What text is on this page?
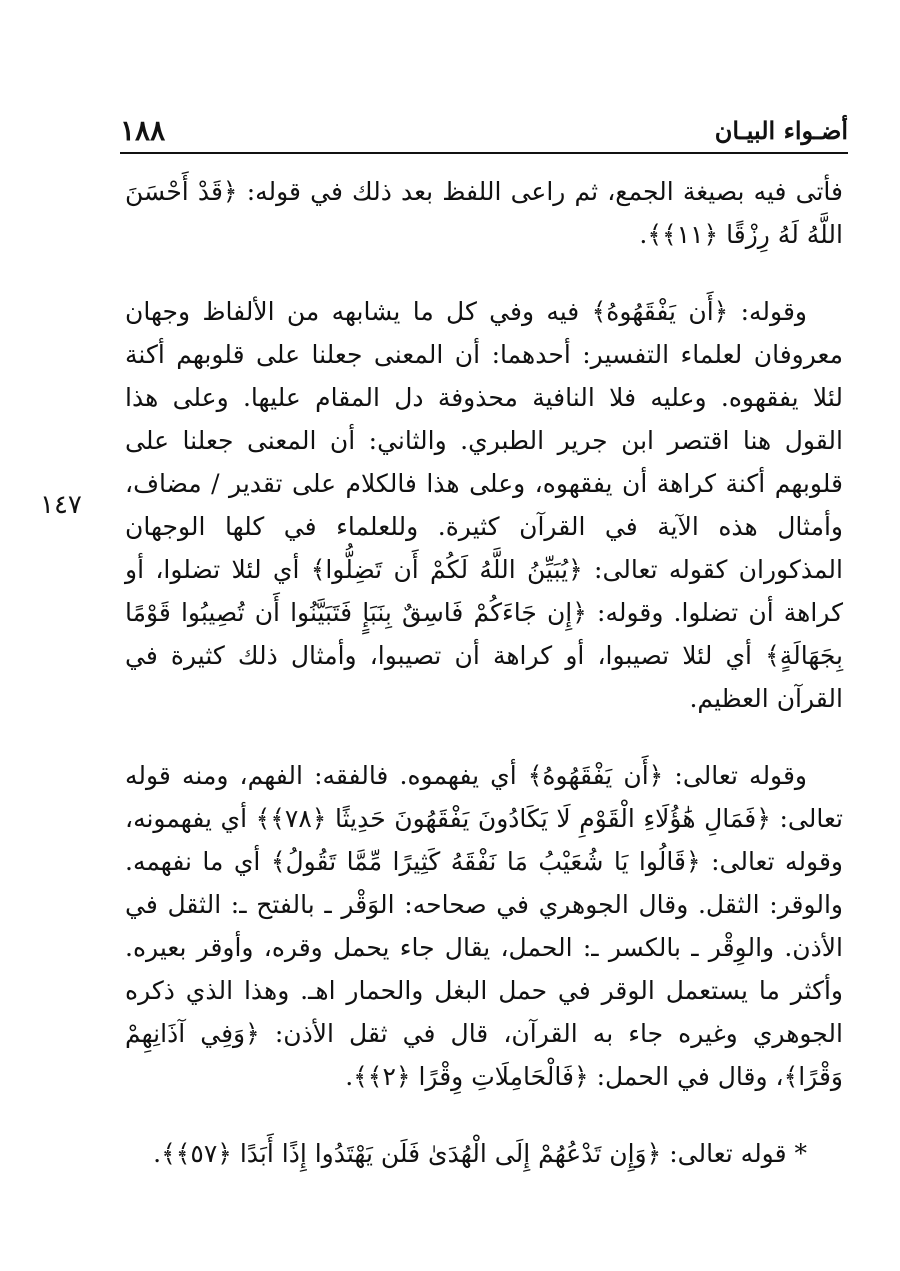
١٨٨	أضـواء البيـان
١٤٧

فأتى فيه بصيغة الجمع، ثم راعى اللفظ بعد ذلك في قوله: ﴿قَدْ أَحْسَنَ اللَّهُ لَهُ رِزْقًا ﴿١١﴾﴾.

وقوله: ﴿أَن يَفْقَهُوهُ﴾ فيه وفي كل ما يشابهه من الألفاظ وجهان معروفان لعلماء التفسير: أحدهما: أن المعنى جعلنا على قلوبهم أكنة لئلا يفقهوه. وعليه فلا النافية محذوفة دل المقام عليها. وعلى هذا القول هنا اقتصر ابن جرير الطبري. والثاني: أن المعنى جعلنا على قلوبهم أكنة كراهة أن يفقهوه، وعلى هذا فالكلام على تقدير / مضاف، وأمثال هذه الآية في القرآن كثيرة. وللعلماء في كلها الوجهان المذكوران كقوله تعالى: ﴿يُبَيِّنُ اللَّهُ لَكُمْ أَن تَضِلُّوا﴾ أي لئلا تضلوا، أو كراهة أن تضلوا. وقوله: ﴿إِن جَاءَكُمْ فَاسِقٌ بِنَبَإٍ فَتَبَيَّنُوا أَن تُصِيبُوا قَوْمًا بِجَهَالَةٍ﴾ أي لئلا تصيبوا، أو كراهة أن تصيبوا، وأمثال ذلك كثيرة في القرآن العظيم.

وقوله تعالى: ﴿أَن يَفْقَهُوهُ﴾ أي يفهموه. فالفقه: الفهم، ومنه قوله تعالى: ﴿فَمَالِ هَٰؤُلَاءِ الْقَوْمِ لَا يَكَادُونَ يَفْقَهُونَ حَدِيثًا ﴿٧٨﴾﴾ أي يفهمونه، وقوله تعالى: ﴿قَالُوا يَا شُعَيْبُ مَا نَفْقَهُ كَثِيرًا مِّمَّا تَقُولُ﴾ أي ما نفهمه. والوقر: الثقل. وقال الجوهري في صحاحه: الوَقْر ـ بالفتح ـ: الثقل في الأذن. والوِقْر ـ بالكسر ـ: الحمل، يقال جاء يحمل وقره، وأوقر بعيره. وأكثر ما يستعمل الوقر في حمل البغل والحمار اهـ. وهذا الذي ذكره الجوهري وغيره جاء به القرآن، قال في ثقل الأذن: ﴿وَفِي آذَانِهِمْ وَقْرًا﴾، وقال في الحمل: ﴿فَالْحَامِلَاتِ وِقْرًا ﴿٢﴾﴾.

* قوله تعالى: ﴿وَإِن تَدْعُهُمْ إِلَى الْهُدَىٰ فَلَن يَهْتَدُوا إِذًا أَبَدًا ﴿٥٧﴾﴾.
